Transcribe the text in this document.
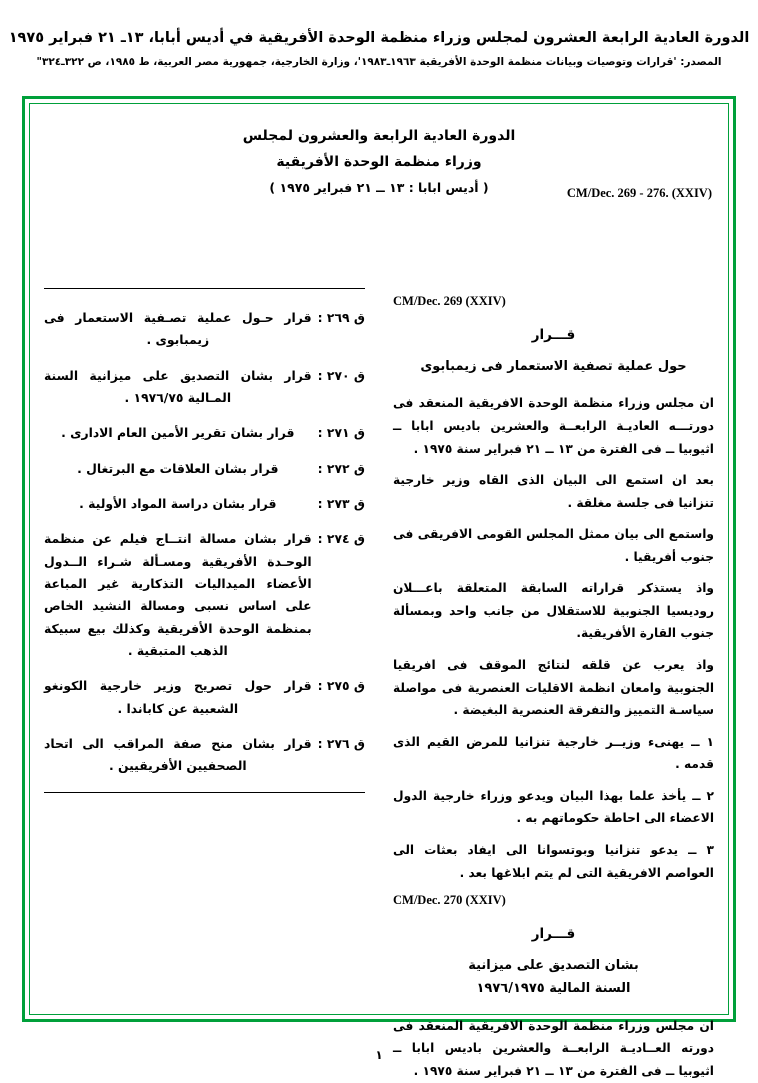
الدورة العادية الرابعة العشرون لمجلس وزراء منظمة الوحدة الأفريقية في أديس أبابا، ١٣ـ ٢١ فبراير ١٩٧٥
المصدر: 'قرارات وتوصيات وبيانات منظمة الوحدة الأفريقية ١٩٦٣ـ١٩٨٣'، وزارة الخارجية، جمهورية مصر العربية، ط ١٩٨٥، ص ٣٢٢ـ٣٢٤"
CM/Dec. 269 - 276. (XXIV)
الدورة العادية الرابعة والعشرون لمجلس
وزراء منظمة الوحدة الأفريقية
( أديس ابابا : ١٣ ــ ٢١ فبراير ١٩٧٥ )
CM/Dec. 269 (XXIV)
قـــرار
حول عملية تصفية الاستعمار فى زيمبابوى

ان مجلس وزراء منظمة الوحدة الافريقية المنعقد فى دورتـــه العاديـة الرابعــة والعشرين باديس ابابا ــ اثيوبيا ــ فى الفترة من ١٣ ــ ٢١ فبراير سنة ١٩٧٥ .

بعد ان استمع الى البيان الذى القاه وزير خارجية تنزانيا فى جلسة مغلقة .

واستمع الى بيان ممثل المجلس القومى الافريقى فى جنوب أفريقيا .

واذ يستذكر قراراته السابقة المتعلقة باعـــلان روديسيا الجنوبية للاستقلال من جانب واحد وبمسألة جنوب القارة الأفريقية.

واذ يعرب عن قلقه لنتائج الموقف فى افريقيا الجنوبية وامعان انظمة الاقليات العنصرية فى مواصلة سياسـة التمييز والتفرقة العنصرية البغيضة .

١ ــ يهنىء وزيــر خارجية تنزانيا للمرض القيم الذى قدمه .

٢ ــ يأخذ علما بهذا البيان ويدعو وزراء خارجية الدول الاعضاء الى احاطة حكوماتهم به .

٣ ــ يدعو تنزانيا وبوتسوانا الى ايفاد بعثات الى العواصم الافريقية التى لم يتم ابلاغها بعد .

CM/Dec. 270 (XXIV)
قـــرار
بشان التصديق على ميزانية
السنة المالية ١٩٧٦/١٩٧٥

ان مجلس وزراء منظمة الوحدة الافريقية المنعقد فى دورته العــاديـة الرابعــة والعشرين باديس ابابا ــ اثيوبيا ــ فى الفترة من ١٣ ــ ٢١ فبراير سنة ١٩٧٥ .

ق ٢٦٩ :
قرار حـول عملية تصـفية الاستعمار فى زيمبابوى .
ق ٢٧٠ :
قرار بشان التصديق على ميزانية السنة المـالية ١٩٧٦/٧٥ .
ق ٢٧١ :
قرار بشان تقرير الأمين العام الادارى .
ق ٢٧٢ :
قرار بشان العلاقات مع البرتغال .
ق ٢٧٣ :
قرار بشان دراسة المواد الأولية .
ق ٢٧٤ :
قرار بشان مسالة انتــاج فيلم عن منظمة الوحـدة الأفريقية ومسـألة شـراء الــدول الأعضاء الميداليات التذكارية غير المباعة على اساس نسبى ومسالة النشيد الخاص بمنظمة الوحدة الأفريقية وكذلك بيع سبيكة الذهب المتبقية .
ق ٢٧٥ :
قرار حول تصريح وزير خارجية الكونغو الشعبية عن كاباندا .
ق ٢٧٦ :
قرار بشان منح صفة المراقب الى اتحاد الصحفيين الأفريقيين .
١
